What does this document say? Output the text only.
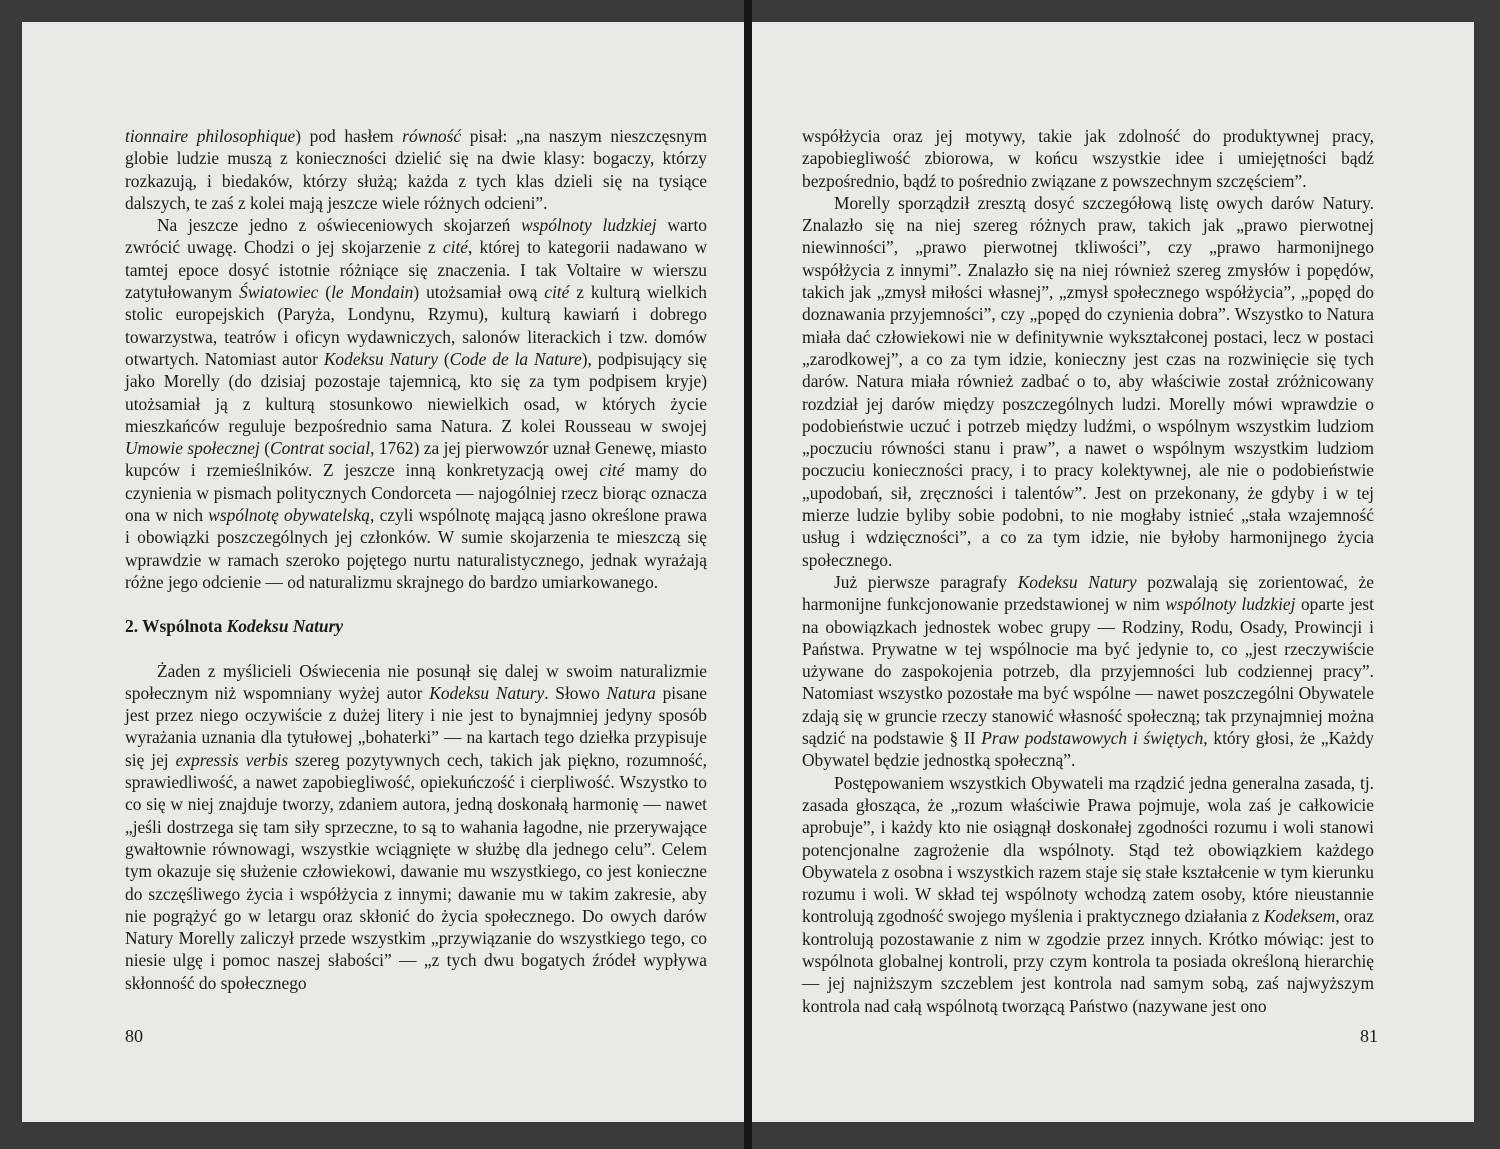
tionnaire philosophique) pod hasłem równość pisał: „na naszym nieszczęsnym globie ludzie muszą z konieczności dzielić się na dwie klasy: bogaczy, którzy rozkazują, i biedaków, którzy służą; każda z tych klas dzieli się na tysiące dalszych, te zaś z kolei mają jeszcze wiele różnych odcieni”.

Na jeszcze jedno z oświeceniowych skojarzeń wspólnoty ludzkiej warto zwrócić uwagę. Chodzi o jej skojarzenie z cité, której to kategorii nadawano w tamtej epoce dosyć istotnie różniące się znaczenia. I tak Voltaire w wierszu zatytułowanym Światowiec (le Mondain) utożsamiał ową cité z kulturą wielkich stolic europejskich (Paryża, Londynu, Rzymu), kulturą kawiarń i dobrego towarzystwa, teatrów i oficyn wydawniczych, salonów literackich i tzw. domów otwartych. Natomiast autor Kodeksu Natury (Code de la Nature), podpisujący się jako Morelly (do dzisiaj pozostaje tajemnicą, kto się za tym podpisem kryje) utożsamiał ją z kulturą stosunkowo niewielkich osad, w których życie mieszkańców reguluje bezpośrednio sama Natura. Z kolei Rousseau w swojej Umowie społecznej (Contrat social, 1762) za jej pierwowzór uznał Genewę, miasto kupców i rzemieślników. Z jeszcze inną konkretyzacją owej cité mamy do czynienia w pismach politycznych Condorceta — najogólniej rzecz biorąc oznacza ona w nich wspólnotę obywatelską, czyli wspólnotę mającą jasno określone prawa i obowiązki poszczególnych jej członków. W sumie skojarzenia te mieszczą się wprawdzie w ramach szeroko pojętego nurtu naturalistycznego, jednak wyrażają różne jego odcienie — od naturalizmu skrajnego do bardzo umiarkowanego.

2. Wspólnota Kodeksu Natury

Żaden z myślicieli Oświecenia nie posunął się dalej w swoim naturalizmie społecznym niż wspomniany wyżej autor Kodeksu Natury. Słowo Natura pisane jest przez niego oczywiście z dużej litery i nie jest to bynajmniej jedyny sposób wyrażania uznania dla tytułowej „bohaterki” — na kartach tego dziełka przypisuje się jej expressis verbis szereg pozytywnych cech, takich jak piękno, rozumność, sprawiedliwość, a nawet zapobiegliwość, opiekuńczość i cierpliwość. Wszystko to co się w niej znajduje tworzy, zdaniem autora, jedną doskonałą harmonię — nawet „jeśli dostrzega się tam siły sprzeczne, to są to wahania łagodne, nie przerywające gwałtownie równowagi, wszystkie wciągnięte w służbę dla jednego celu”. Celem tym okazuje się służenie człowiekowi, dawanie mu wszystkiego, co jest konieczne do szczęśliwego życia i współżycia z innymi; dawanie mu w takim zakresie, aby nie pogrążyć go w letargu oraz skłonić do życia społecznego. Do owych darów Natury Morelly zaliczył przede wszystkim „przywiązanie do wszystkiego tego, co niesie ulgę i pomoc naszej słabości” — „z tych dwu bogatych źródeł wypływa skłonność do społecznego

80

współżycia oraz jej motywy, takie jak zdolność do produktywnej pracy, zapobiegliwość zbiorowa, w końcu wszystkie idee i umiejętności bądź bezpośrednio, bądź to pośrednio związane z powszechnym szczęściem”.

Morelly sporządził zresztą dosyć szczegółową listę owych darów Natury. Znalazło się na niej szereg różnych praw, takich jak „prawo pierwotnej niewinności”, „prawo pierwotnej tkliwości”, czy „prawo harmonijnego współżycia z innymi”. Znalazło się na niej również szereg zmysłów i popędów, takich jak „zmysł miłości własnej”, „zmysł społecznego współżycia”, „popęd do doznawania przyjemności”, czy „popęd do czynienia dobra”. Wszystko to Natura miała dać człowiekowi nie w definitywnie wykształconej postaci, lecz w postaci „zarodkowej”, a co za tym idzie, konieczny jest czas na rozwinięcie się tych darów. Natura miała również zadbać o to, aby właściwie został zróżnicowany rozdział jej darów między poszczególnych ludzi. Morelly mówi wprawdzie o podobieństwie uczuć i potrzeb między ludźmi, o wspólnym wszystkim ludziom „poczuciu równości stanu i praw”, a nawet o wspólnym wszystkim ludziom poczuciu konieczności pracy, i to pracy kolektywnej, ale nie o podobieństwie „upodobań, sił, zręczności i talentów”. Jest on przekonany, że gdyby i w tej mierze ludzie byliby sobie podobni, to nie mogłaby istnieć „stała wzajemność usług i wdzięczności”, a co za tym idzie, nie byłoby harmonijnego życia społecznego.

Już pierwsze paragrafy Kodeksu Natury pozwalają się zorientować, że harmonijne funkcjonowanie przedstawionej w nim wspólnoty ludzkiej oparte jest na obowiązkach jednostek wobec grupy — Rodziny, Rodu, Osady, Prowincji i Państwa. Prywatne w tej wspólnocie ma być jedynie to, co „jest rzeczywiście używane do zaspokojenia potrzeb, dla przyjemności lub codziennej pracy”. Natomiast wszystko pozostałe ma być wspólne — nawet poszczególni Obywatele zdają się w gruncie rzeczy stanowić własność społeczną; tak przynajmniej można sądzić na podstawie § II Praw podstawowych i świętych, który głosi, że „Każdy Obywatel będzie jednostką społeczną”.

Postępowaniem wszystkich Obywateli ma rządzić jedna generalna zasada, tj. zasada głosząca, że „rozum właściwie Prawa pojmuje, wola zaś je całkowicie aprobuje”, i każdy kto nie osiągnął doskonałej zgodności rozumu i woli stanowi potencjonalne zagrożenie dla wspólnoty. Stąd też obowiązkiem każdego Obywatela z osobna i wszystkich razem staje się stałe kształcenie w tym kierunku rozumu i woli. W skład tej wspólnoty wchodzą zatem osoby, które nieustannie kontrolują zgodność swojego myślenia i praktycznego działania z Kodeksem, oraz kontrolują pozostawanie z nim w zgodzie przez innych. Krótko mówiąc: jest to wspólnota globalnej kontroli, przy czym kontrola ta posiada określoną hierarchię — jej najniższym szczeblem jest kontrola nad samym sobą, zaś najwyższym kontrola nad całą wspólnotą tworzącą Państwo (nazywane jest ono

81
